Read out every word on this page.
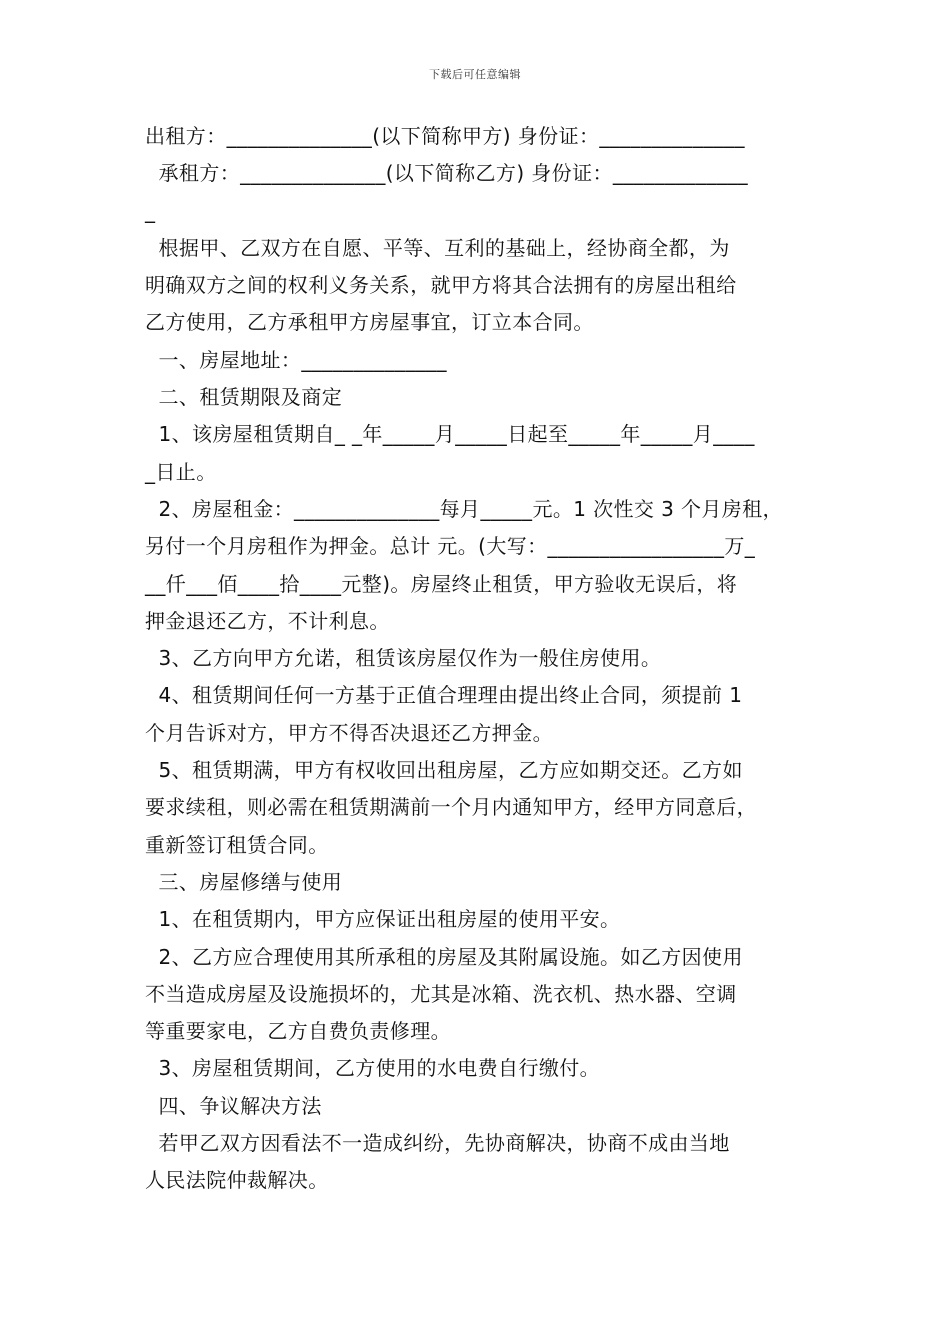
下载后可任意编辑
出租方：______________(以下简称甲方) 身份证：______________
承租方：______________(以下简称乙方) 身份证：_____________
_
根据甲、乙双方在自愿、平等、互利的基础上，经协商全都，为
明确双方之间的权利义务关系，就甲方将其合法拥有的房屋出租给
乙方使用，乙方承租甲方房屋事宜，订立本合同。
一、房屋地址：______________
二、租赁期限及商定
1、该房屋租赁期自_ _年_____月_____日起至_____年_____月____
_日止。
2、房屋租金：______________每月_____元。1 次性交 3 个月房租，
另付一个月房租作为押金。总计 元。(大写：_________________万_
__仟___佰____拾____元整)。房屋终止租赁，甲方验收无误后，将
押金退还乙方，不计利息。
3、乙方向甲方允诺，租赁该房屋仅作为一般住房使用。
4、租赁期间任何一方基于正值合理理由提出终止合同，须提前 1
个月告诉对方，甲方不得否决退还乙方押金。
5、租赁期满，甲方有权收回出租房屋，乙方应如期交还。乙方如
要求续租，则必需在租赁期满前一个月内通知甲方，经甲方同意后，
重新签订租赁合同。
三、房屋修缮与使用
1、在租赁期内，甲方应保证出租房屋的使用平安。
2、乙方应合理使用其所承租的房屋及其附属设施。如乙方因使用
不当造成房屋及设施损坏的，尤其是冰箱、洗衣机、热水器、空调
等重要家电，乙方自费负责修理。
3、房屋租赁期间，乙方使用的水电费自行缴付。
四、争议解决方法
若甲乙双方因看法不一造成纠纷，先协商解决，协商不成由当地
人民法院仲裁解决。
